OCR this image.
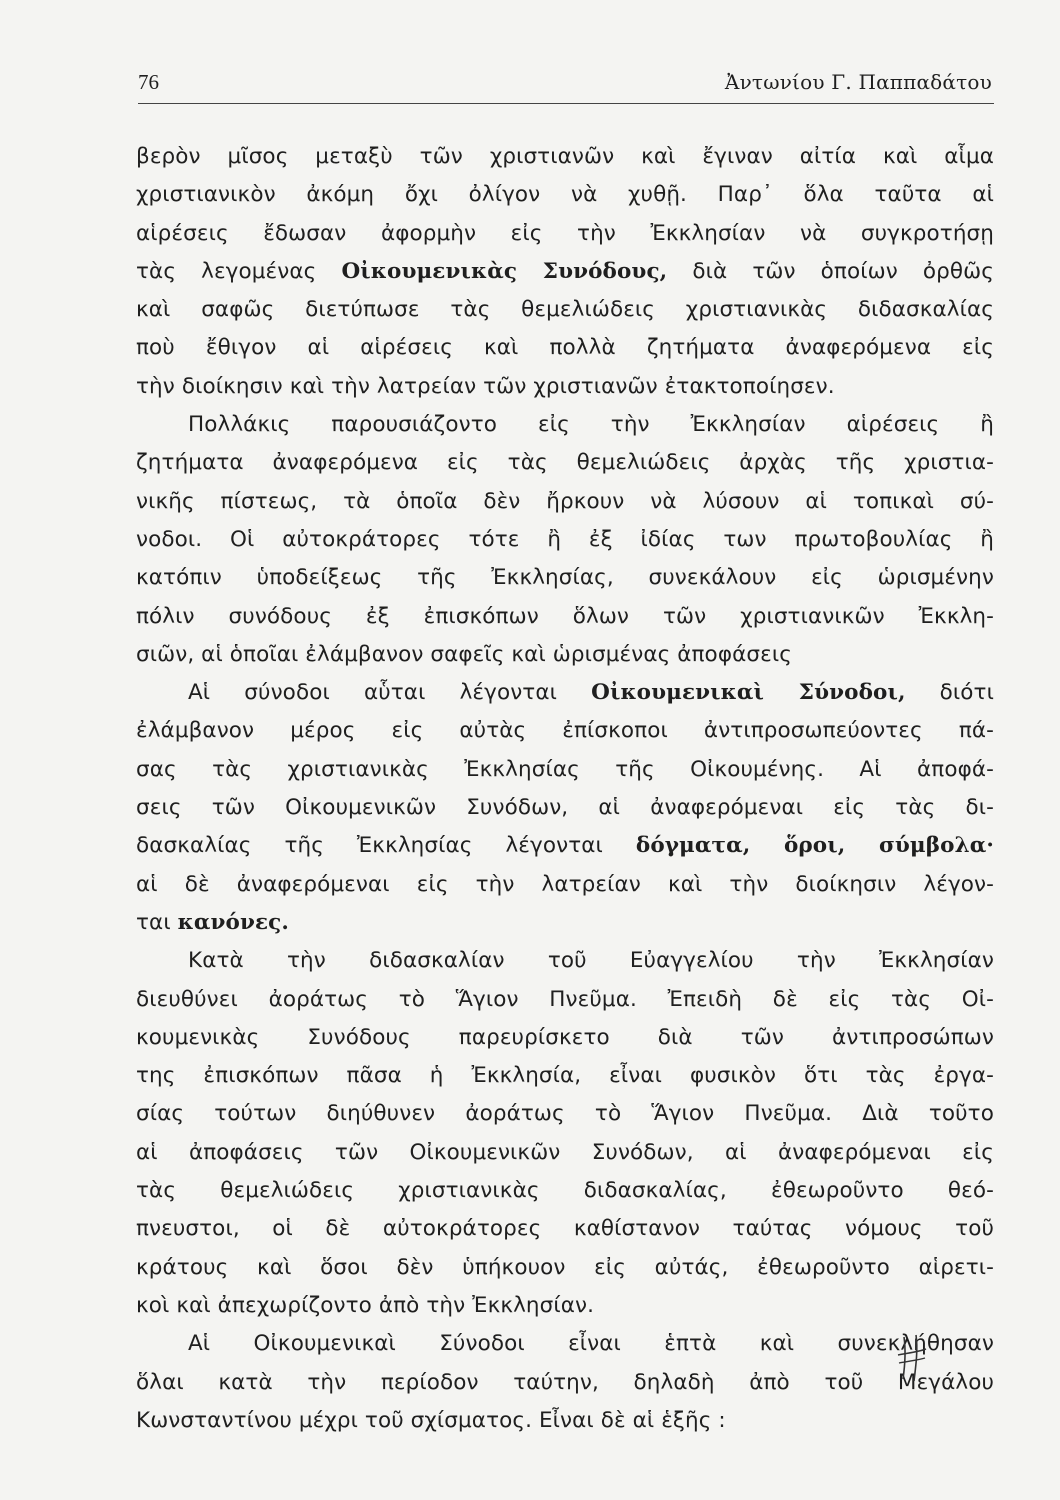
76	Ἀντωνίου Γ. Παππαδάτου
βερὸν μῖσος μεταξὺ τῶν χριστιανῶν καὶ ἔγιναν αἰτία καὶ αἷμα
χριστιανικὸν ἀκόμη ὄχι ὀλίγον νὰ χυθῇ. Παρ᾿ ὅλα ταῦτα αἱ
αἱρέσεις ἔδωσαν ἀφορμὴν εἰς τὴν Ἐκκλησίαν νὰ συγκροτήσῃ
τὰς λεγομένας Οἰκουμενικὰς Συνόδους, διὰ τῶν ὁποίων ὀρθῶς
καὶ σαφῶς διετύπωσε τὰς θεμελιώδεις χριστιανικὰς διδασκαλίας
ποὺ ἔθιγον αἱ αἱρέσεις καὶ πολλὰ ζητήματα ἀναφερόμενα εἰς
τὴν διοίκησιν καὶ τὴν λατρείαν τῶν χριστιανῶν ἐτακτοποίησεν.
Πολλάκις παρουσιάζοντο εἰς τὴν Ἐκκλησίαν αἱρέσεις ἢ
ζητήματα ἀναφερόμενα εἰς τὰς θεμελιώδεις ἀρχὰς τῆς χριστια-
νικῆς πίστεως, τὰ ὁποῖα δὲν ἤρκουν νὰ λύσουν αἱ τοπικαὶ σύ-
νοδοι. Οἱ αὐτοκράτορες τότε ἢ ἐξ ἰδίας των πρωτοβουλίας ἢ
κατόπιν ὑποδείξεως τῆς Ἐκκλησίας, συνεκάλουν εἰς ὡρισμένην
πόλιν συνόδους ἐξ ἐπισκόπων ὅλων τῶν χριστιανικῶν Ἐκκλη-
σιῶν, αἱ ὁποῖαι ἐλάμβανον σαφεῖς καὶ ὡρισμένας ἀποφάσεις
Αἱ σύνοδοι αὗται λέγονται Οἰκουμενικαὶ Σύνοδοι, διότι
ἐλάμβανον μέρος εἰς αὐτὰς ἐπίσκοποι ἀντιπροσωπεύοντες πά-
σας τὰς χριστιανικὰς Ἐκκλησίας τῆς Οἰκουμένης. Αἱ ἀποφά-
σεις τῶν Οἰκουμενικῶν Συνόδων, αἱ ἀναφερόμεναι εἰς τὰς δι-
δασκαλίας τῆς Ἐκκλησίας λέγονται δόγματα, ὅροι, σύμβολα·
αἱ δὲ ἀναφερόμεναι εἰς τὴν λατρείαν καὶ τὴν διοίκησιν λέγον-
ται κανόνες.
Κατὰ τὴν διδασκαλίαν τοῦ Εὐαγγελίου τὴν Ἐκκλησίαν
διευθύνει ἀοράτως τὸ Ἅγιον Πνεῦμα. Ἐπειδὴ δὲ εἰς τὰς Οἰ-
κουμενικὰς Συνόδους παρευρίσκετο διὰ τῶν ἀντιπροσώπων
της ἐπισκόπων πᾶσα ἡ Ἐκκλησία, εἶναι φυσικὸν ὅτι τὰς ἐργα-
σίας τούτων διηύθυνεν ἀοράτως τὸ Ἅγιον Πνεῦμα. Διὰ τοῦτο
αἱ ἀποφάσεις τῶν Οἰκουμενικῶν Συνόδων, αἱ ἀναφερόμεναι εἰς
τὰς θεμελιώδεις χριστιανικὰς διδασκαλίας, ἐθεωροῦντο θεό-
πνευστοι, οἱ δὲ αὐτοκράτορες καθίστανον ταύτας νόμους τοῦ
κράτους καὶ ὅσοι δὲν ὑπήκουον εἰς αὐτάς, ἐθεωροῦντο αἱρετι-
κοὶ καὶ ἀπεχωρίζοντο ἀπὸ τὴν Ἐκκλησίαν.
Αἱ Οἰκουμενικαὶ Σύνοδοι εἶναι ἑπτὰ καὶ συνεκλήθησαν
ὅλαι κατὰ τὴν περίοδον ταύτην, δηλαδὴ ἀπὸ τοῦ Μεγάλου
Κωνσταντίνου μέχρι τοῦ σχίσματος. Εἶναι δὲ αἱ ἑξῆς :
